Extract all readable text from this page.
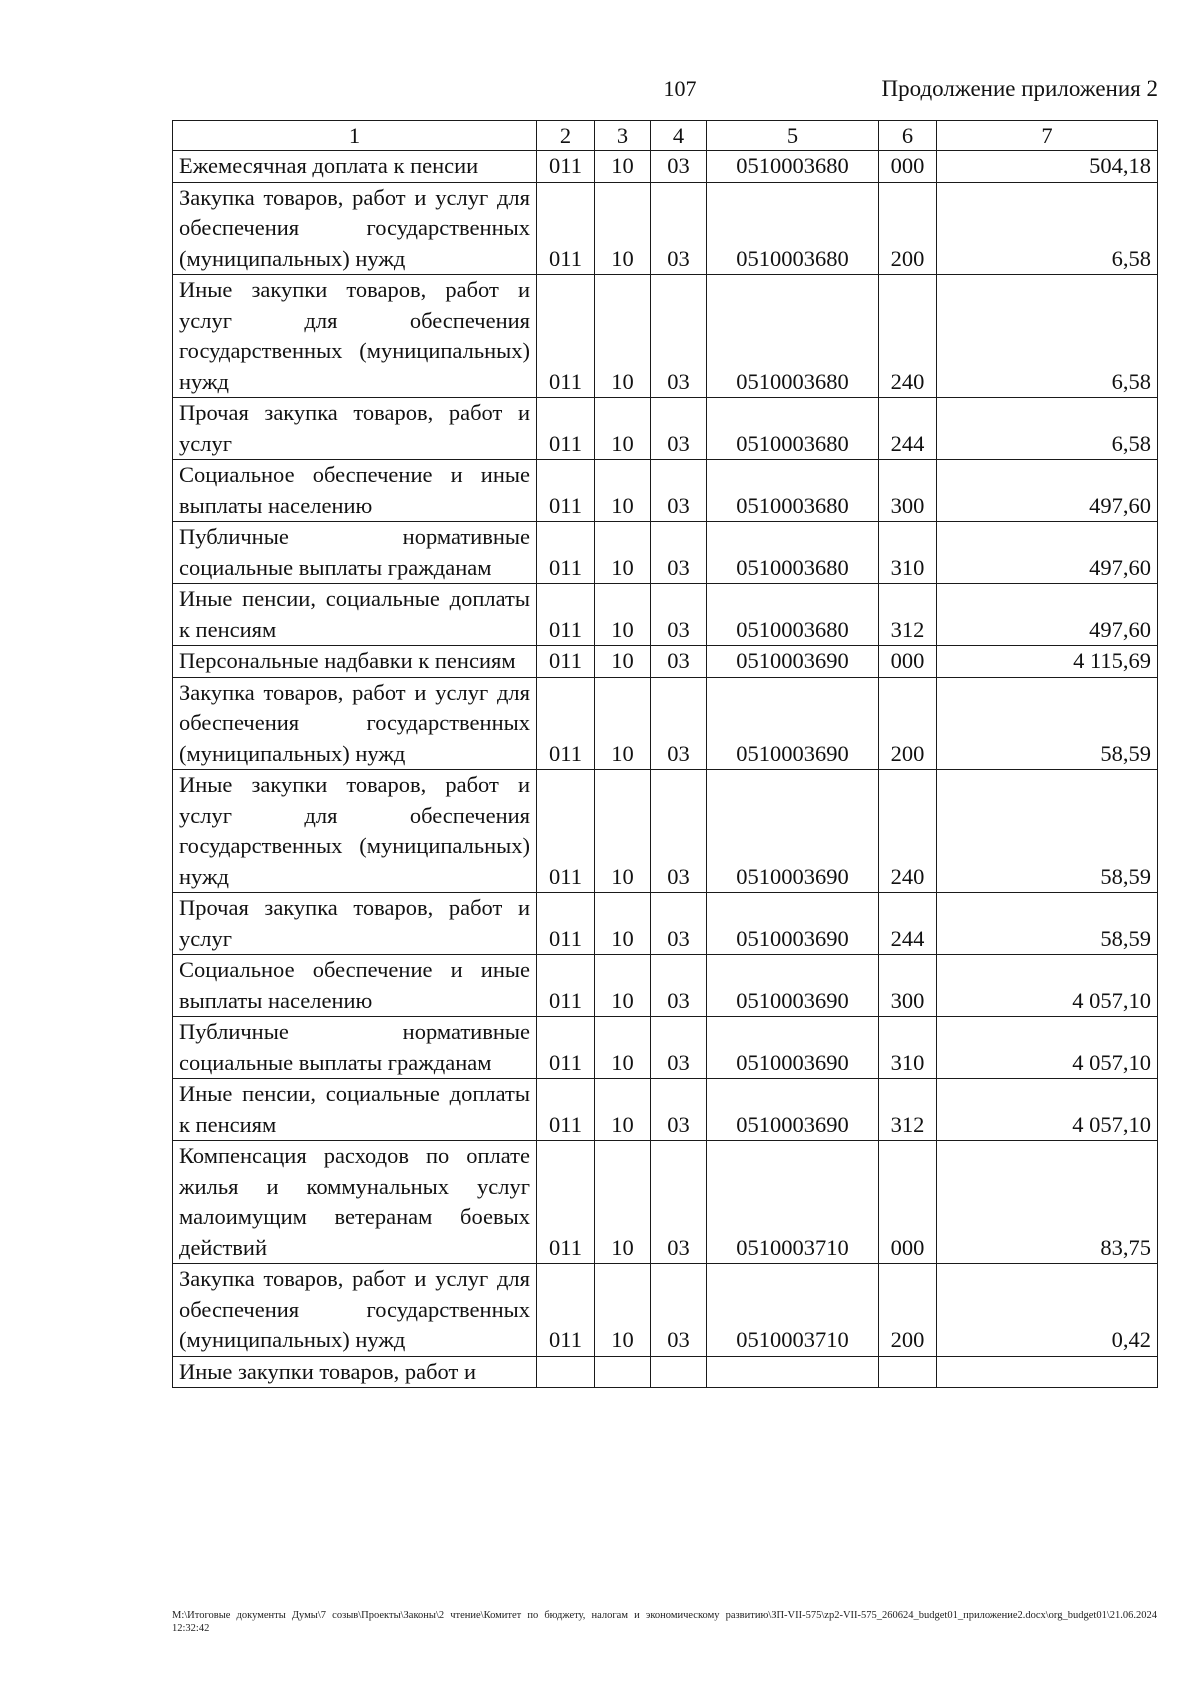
107	Продолжение приложения 2
1	2	3	4	5	6	7
Ежемесячная доплата к пенсии	011	10	03	0510003680	000	504,18
Закупка товаров, работ и услуг для обеспечения государственных (муниципальных) нужд	011	10	03	0510003680	200	6,58
Иные закупки товаров, работ и услуг для обеспечения государственных (муниципальных) нужд	011	10	03	0510003680	240	6,58
Прочая закупка товаров, работ и услуг	011	10	03	0510003680	244	6,58
Социальное обеспечение и иные выплаты населению	011	10	03	0510003680	300	497,60
Публичные нормативные социальные выплаты гражданам	011	10	03	0510003680	310	497,60
Иные пенсии, социальные доплаты к пенсиям	011	10	03	0510003680	312	497,60
Персональные надбавки к пенсиям	011	10	03	0510003690	000	4 115,69
Закупка товаров, работ и услуг для обеспечения государственных (муниципальных) нужд	011	10	03	0510003690	200	58,59
Иные закупки товаров, работ и услуг для обеспечения государственных (муниципальных) нужд	011	10	03	0510003690	240	58,59
Прочая закупка товаров, работ и услуг	011	10	03	0510003690	244	58,59
Социальное обеспечение и иные выплаты населению	011	10	03	0510003690	300	4 057,10
Публичные нормативные социальные выплаты гражданам	011	10	03	0510003690	310	4 057,10
Иные пенсии, социальные доплаты к пенсиям	011	10	03	0510003690	312	4 057,10
Компенсация расходов по оплате жилья и коммунальных услуг малоимущим ветеранам боевых действий	011	10	03	0510003710	000	83,75
Закупка товаров, работ и услуг для обеспечения государственных (муниципальных) нужд	011	10	03	0510003710	200	0,42
Иные закупки товаров, работ и						
M:\Итоговые документы Думы\7 созыв\Проекты\Законы\2 чтение\Комитет по бюджету, налогам и экономическому развитию\ЗП-VII-575\zp2-VII-575_260624_budget01_приложение2.docx\org_budget01\21.06.2024 12:32:42
